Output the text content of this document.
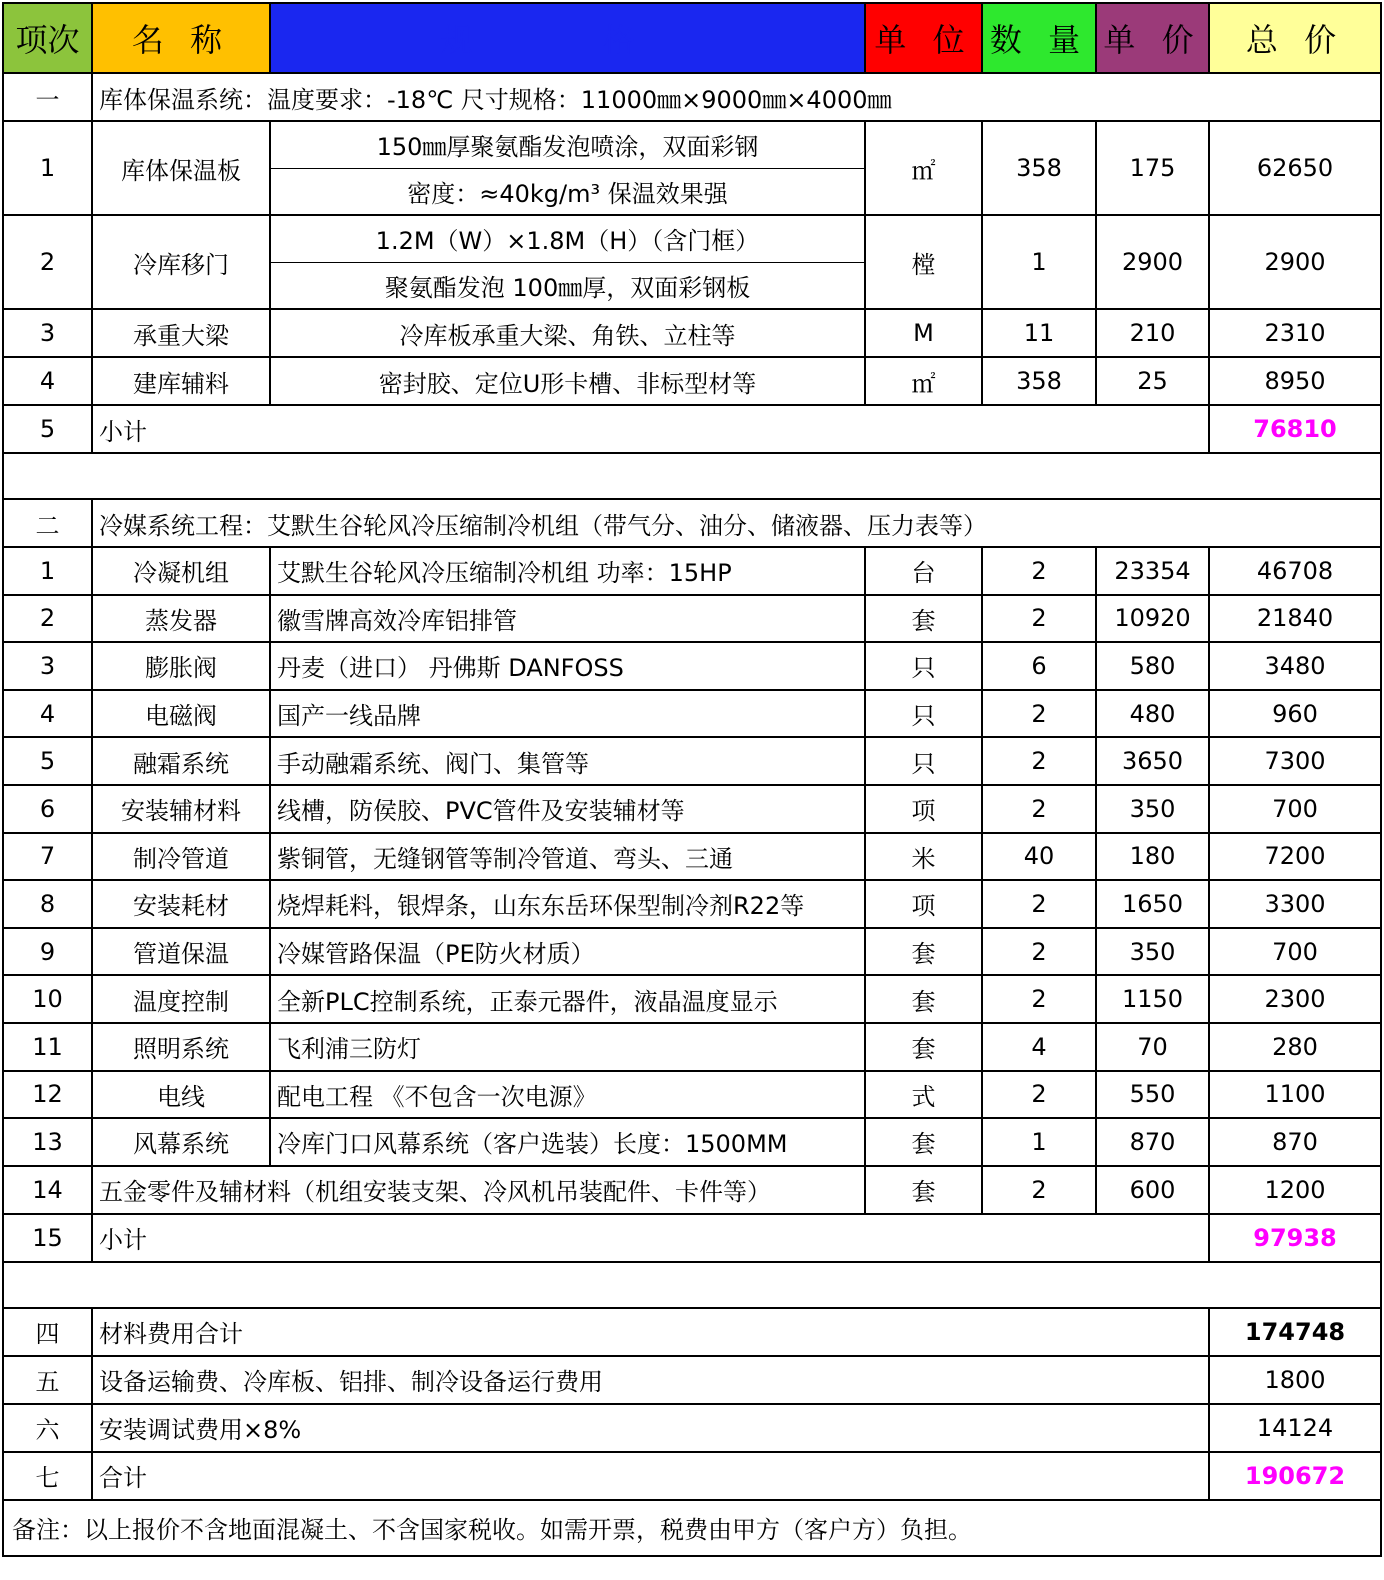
项次	名 称	规 格	单 位	数 量	单 价	总 价
一	库体保温系统：温度要求：-18℃ 尺寸规格：11000㎜×9000㎜×4000㎜					
1	库体保温板	150㎜厚聚氨酯发泡喷涂，双面彩钢	㎡	358	175	62650
		密度：≈40kg/m³ 保温效果强				
2	冷库移门	1.2M（W）×1.8M（H）（含门框）	樘	1	2900	2900
		聚氨酯发泡 100㎜厚，双面彩钢板				
3	承重大梁	冷库板承重大梁、角铁、立柱等	M	11	210	2310
4	建库辅料	密封胶、定位U形卡槽、非标型材等	㎡	358	25	8950
5	小计					76810

二	冷媒系统工程：艾默生谷轮风冷压缩制冷机组（带气分、油分、储液器、压力表等）					
1	冷凝机组	艾默生谷轮风冷压缩制冷机组 功率：15HP	台	2	23354	46708
2	蒸发器	徽雪牌高效冷库铝排管	套	2	10920	21840
3	膨胀阀	丹麦（进口） 丹佛斯 DANFOSS	只	6	580	3480
4	电磁阀	国产一线品牌	只	2	480	960
5	融霜系统	手动融霜系统、阀门、集管等	只	2	3650	7300
6	安装辅材料	线槽，防侯胶、PVC管件及安装辅材等	项	2	350	700
7	制冷管道	紫铜管，无缝钢管等制冷管道、弯头、三通	米	40	180	7200
8	安装耗材	烧焊耗料，银焊条，山东东岳环保型制冷剂R22等	项	2	1650	3300
9	管道保温	冷媒管路保温（PE防火材质）	套	2	350	700
10	温度控制	全新PLC控制系统，正泰元器件，液晶温度显示	套	2	1150	2300
11	照明系统	飞利浦三防灯	套	4	70	280
12	电线	配电工程 《不包含一次电源》	式	2	550	1100
13	风幕系统	冷库门口风幕系统（客户选装）长度：1500MM	套	1	870	870
14	五金零件及辅材料（机组安装支架、冷风机吊装配件、卡件等）		套	2	600	1200
15	小计					97938

四	材料费用合计					174748
五	设备运输费、冷库板、铝排、制冷设备运行费用					1800
六	安装调试费用×8%					14124
七	合计					190672
备注：以上报价不含地面混凝土、不含国家税收。如需开票，税费由甲方（客户方）负担。						
